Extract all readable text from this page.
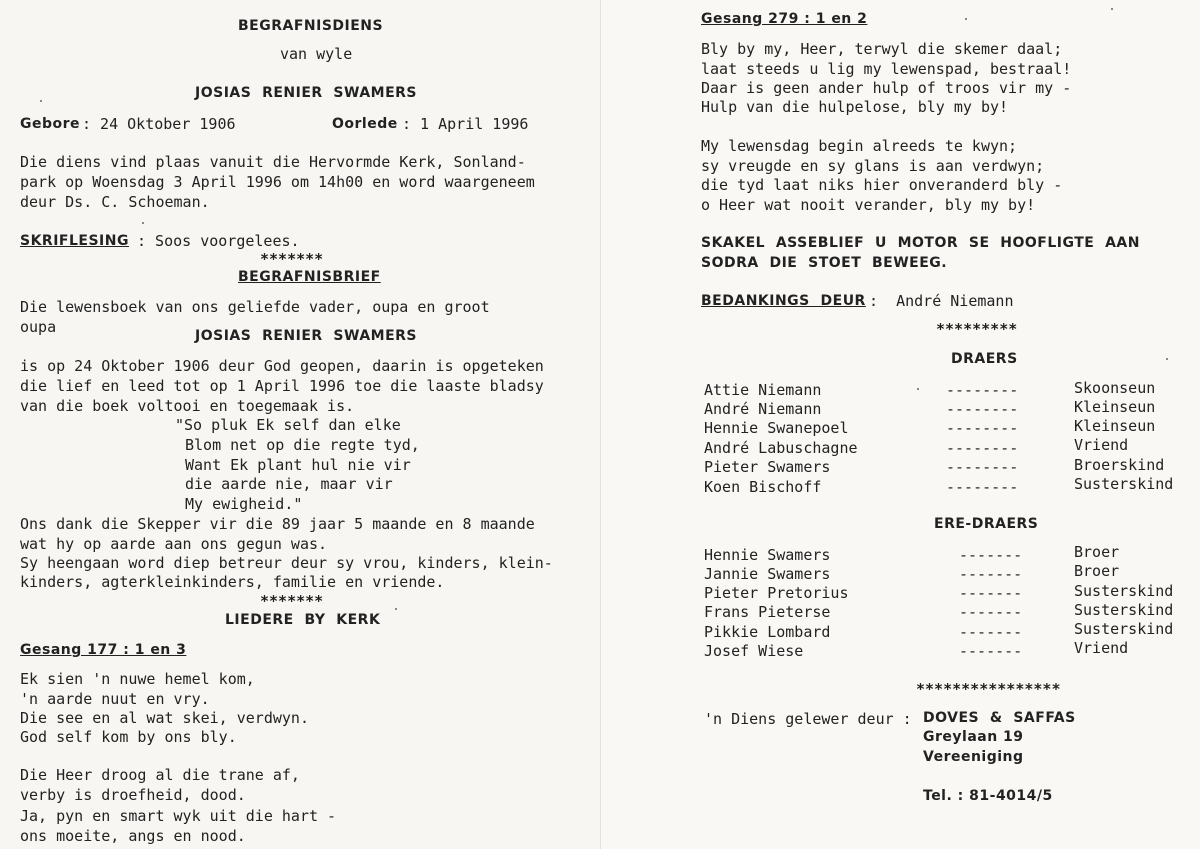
BEGRAFNISDIENS
van wyle
JOSIAS  RENIER  SWAMERS
Gebore : 24 Oktober 1906	Oorlede : 1 April 1996
Die diens vind plaas vanuit die Hervormde Kerk, Sonland-
park op Woensdag 3 April 1996 om 14h00 en word waargeneem
deur Ds. C. Schoeman.
SKRIFLESING : Soos voorgelees.
*******
BEGRAFNISBRIEF
Die lewensboek van ons geliefde vader, oupa en groot
oupa	JOSIAS  RENIER  SWAMERS
is op 24 Oktober 1906 deur God geopen, daarin is opgeteken
die lief en leed tot op 1 April 1996 toe die laaste bladsy
van die boek voltooi en toegemaak is.
"So pluk Ek self dan elke
Blom net op die regte tyd,
Want Ek plant hul nie vir
die aarde nie, maar vir
My ewigheid."
Ons dank die Skepper vir die 89 jaar 5 maande en 8 maande
wat hy op aarde aan ons gegun was.
Sy heengaan word diep betreur deur sy vrou, kinders, klein-
kinders, agterkleinkinders, familie en vriende.
*******
LIEDERE  BY  KERK
Gesang 177 : 1 en 3
Ek sien 'n nuwe hemel kom,
'n aarde nuut en vry.
Die see en al wat skei, verdwyn.
God self kom by ons bly.
Die Heer droog al die trane af,
verby is droefheid, dood.
Ja, pyn en smart wyk uit die hart -
ons moeite, angs en nood.
Gesang 279 : 1 en 2
Bly by my, Heer, terwyl die skemer daal;
laat steeds u lig my lewenspad, bestraal!
Daar is geen ander hulp of troos vir my -
Hulp van die hulpelose, bly my by!
My lewensdag begin alreeds te kwyn;
sy vreugde en sy glans is aan verdwyn;
die tyd laat niks hier onveranderd bly -
o Heer wat nooit verander, bly my by!
SKAKEL  ASSEBLIEF  U  MOTOR  SE  HOOFLIGTE  AAN
SODRA  DIE  STOET  BEWEEG.
BEDANKINGS  DEUR :  André Niemann
*********
DRAERS
Attie Niemann	--------	Skoonseun
André Niemann	--------	Kleinseun
Hennie Swanepoel	--------	Kleinseun
André Labuschagne	--------	Vriend
Pieter Swamers	--------	Broerskind
Koen Bischoff	--------	Susterskind
ERE-DRAERS
Hennie Swamers	-------	Broer
Jannie Swamers	-------	Broer
Pieter Pretorius	-------	Susterskind
Frans Pieterse	-------	Susterskind
Pikkie Lombard	-------	Susterskind
Josef Wiese	-------	Vriend
****************
'n Diens gelewer deur : DOVES  &  SAFFAS
Greylaan 19
Vereeniging
Tel. : 81-4014/5
